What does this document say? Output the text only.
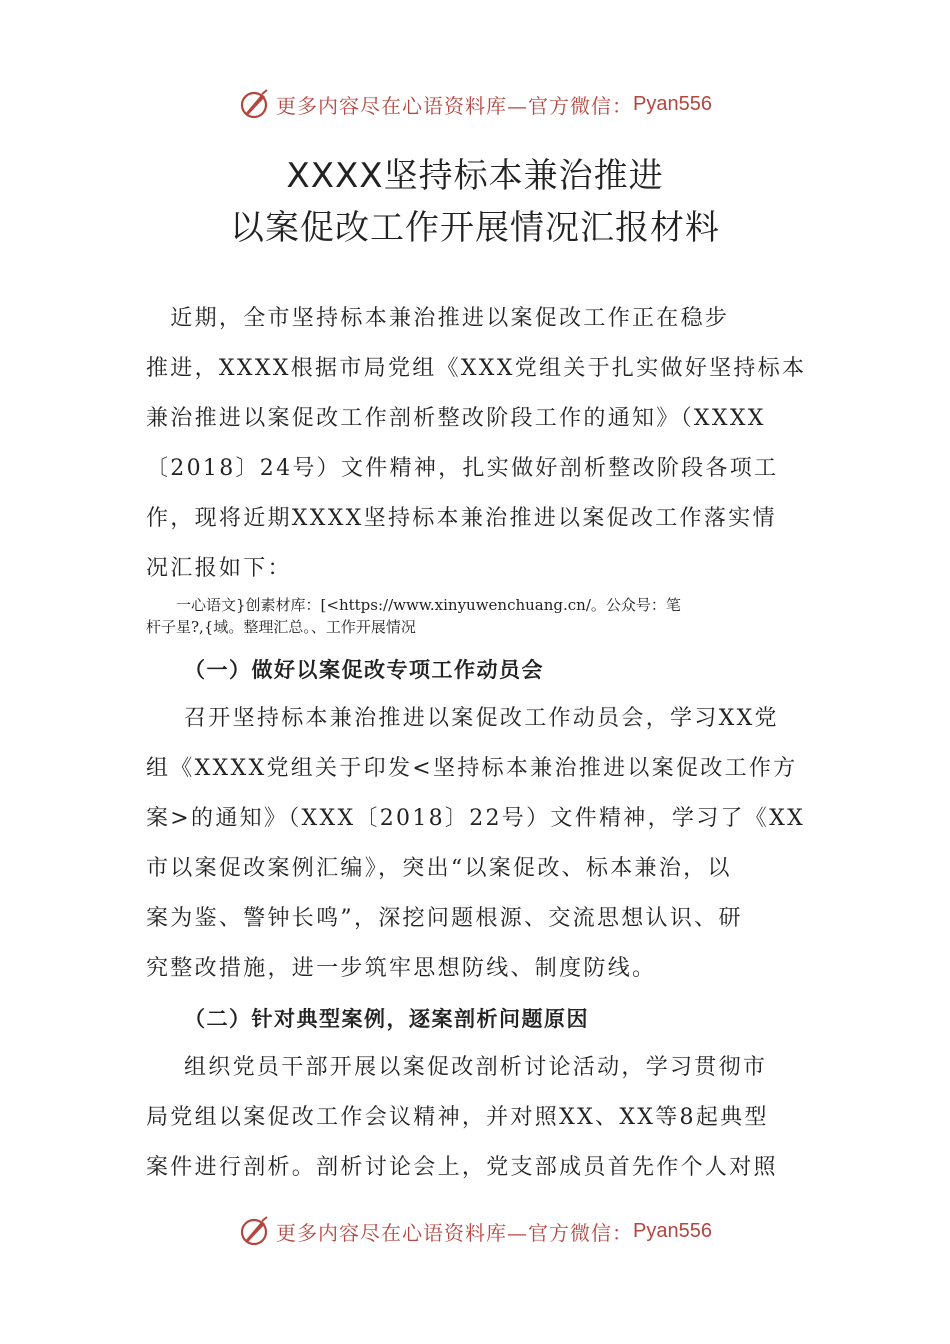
更多内容尽在心语资料库—官方微信： Pyan556
XXXX坚持标本兼治推进
以案促改工作开展情况汇报材料
　近期，全市坚持标本兼治推进以案促改工作正在稳步
推进，XXXX根据市局党组《XXX党组关于扎实做好坚持标本
兼治推进以案促改工作剖析整改阶段工作的通知》（XXXX
〔2018〕24号）文件精神，扎实做好剖析整改阶段各项工
作，现将近期XXXX坚持标本兼治推进以案促改工作落实情
况汇报如下：
　　一心语文}创素材库：[<https://www.xinyuwenchuang.cn/。公众号：笔
杆子星?,{域。整理汇总。、工作开展情况
（一）做好以案促改专项工作动员会
召开坚持标本兼治推进以案促改工作动员会，学习XX党
组《XXXX党组关于印发<坚持标本兼治推进以案促改工作方
案>的通知》（XXX〔2018〕22号）文件精神，学习了《XX
市以案促改案例汇编》，突出“以案促改、标本兼治，以
案为鉴、警钟长鸣”，深挖问题根源、交流思想认识、研
究整改措施，进一步筑牢思想防线、制度防线。
（二）针对典型案例，逐案剖析问题原因
组织党员干部开展以案促改剖析讨论活动，学习贯彻市
局党组以案促改工作会议精神，并对照XX、XX等8起典型
案件进行剖析。剖析讨论会上，党支部成员首先作个人对照
更多内容尽在心语资料库—官方微信： Pyan556
